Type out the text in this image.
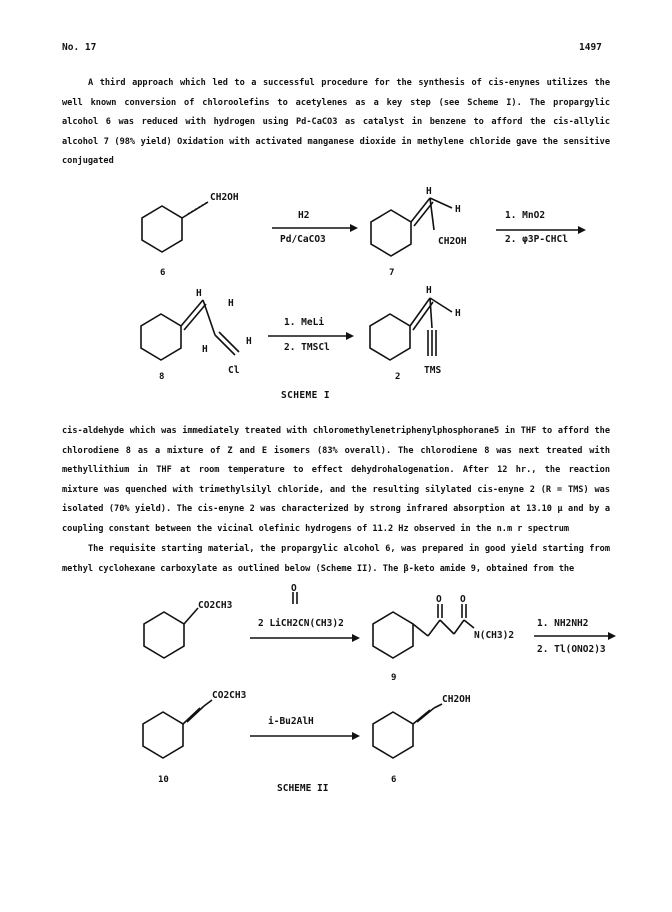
No. 17	1497

A third approach which led to a successful procedure for the synthesis of cis-enynes utilizes the well known conversion of chloroolefins to acetylenes as a key step (see Scheme I). The propargylic alcohol 6 was reduced with hydrogen using Pd-CaCO3 as catalyst in benzene to afford the cis-allylic alcohol 7 (98% yield) Oxidation with activated manganese dioxide in methylene chloride gave the sensitive conjugated

CH2OH
6
H2
Pd/CaCO3
H
H
CH2OH
7
1. MnO2
2. φ3P-CHCl
H
H
H
H
Cl
8
1. MeLi
2. TMSCl
H
H
TMS
2
SCHEME I

cis-aldehyde which was immediately treated with chloromethylenetriphenylphosphorane5 in THF to afford the chlorodiene 8 as a mixture of Z and E isomers (83% overall). The chlorodiene 8 was next treated with methyllithium in THF at room temperature to effect dehydrohalogenation. After 12 hr., the reaction mixture was quenched with trimethylsilyl chloride, and the resulting silylated cis-enyne 2 (R = TMS) was isolated (70% yield). The cis-enyne 2 was characterized by strong infrared absorption at 13.10 µ and by a coupling constant between the vicinal olefinic hydrogens of 11.2 Hz observed in the n.m r spectrum

The requisite starting material, the propargylic alcohol 6, was prepared in good yield starting from methyl cyclohexane carboxylate as outlined below (Scheme II). The β-keto amide 9, obtained from the

CO2CH3
O
2 LiCH2CN(CH3)2
O O
N(CH3)2
9
1. NH2NH2
2. Tl(ONO2)3
CO2CH3
10
i-Bu2AlH
CH2OH
6
SCHEME II
